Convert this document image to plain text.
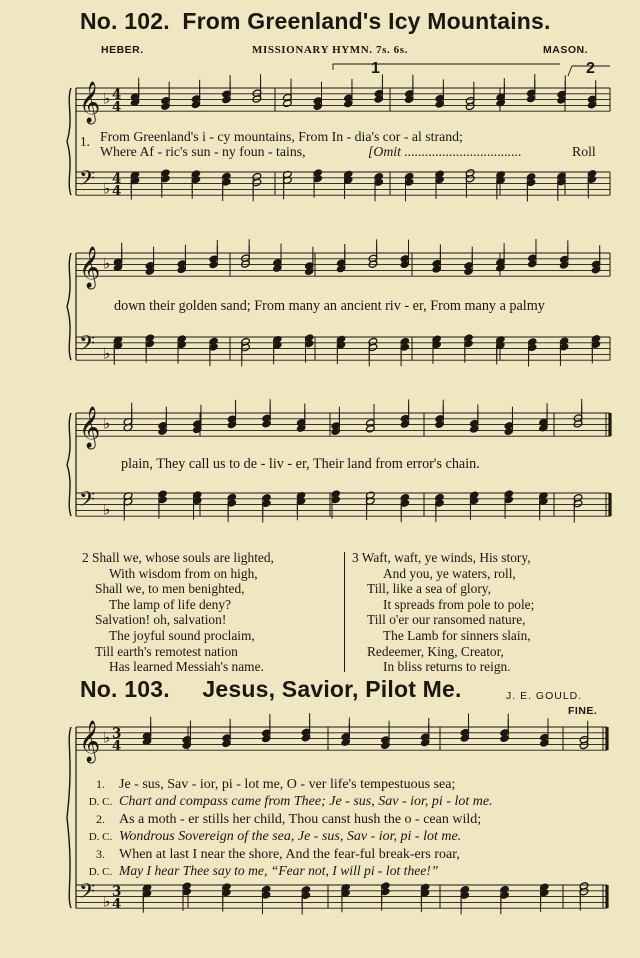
No. 102. From Greenland's Icy Mountains.
HEBER.	MISSIONARY HYMN. 7s. 6s.	MASON.
1	2
𝄞 ♭ 4
4
𝄢 ♭
4
4
𝄞 ♭
𝄢 ♭
𝄞 ♭
𝄢 ♭
𝄞 ♭ 3
4
𝄢 ♭
3
4
1. From Greenland's i - cy mountains, From In - dia's cor - al strand;
Where Af - ric's sun - ny foun - tains,	[Omit ..................................	Roll
down their golden sand; From many an ancient riv - er, From many a palmy
plain, They call us to de - liv - er, Their land from error's chain.
2 Shall we, whose souls are lighted,
With wisdom from on high,
Shall we, to men benighted,
The lamp of life deny?
Salvation! oh, salvation!
The joyful sound proclaim,
Till earth's remotest nation
Has learned Messiah's name.
3 Waft, waft, ye winds, His story,
And you, ye waters, roll,
Till, like a sea of glory,
It spreads from pole to pole;
Till o'er our ransomed nature,
The Lamb for sinners slain,
Redeemer, King, Creator,
In bliss returns to reign.
No. 103. Jesus, Savior, Pilot Me.	J. E. GOULD.
FINE.
1. Je - sus, Sav - ior, pi - lot me, O - ver life's tempestuous sea;
D. C. Chart and compass came from Thee; Je - sus, Sav - ior, pi - lot me.
2. As a moth - er stills her child, Thou canst hush the o - cean wild;
D. C. Wondrous Sovereign of the sea, Je - sus, Sav - ior, pi - lot me.
3. When at last I near the shore, And the fear-ful break-ers roar,
D. C. May I hear Thee say to me, “Fear not, I will pi - lot thee!”
